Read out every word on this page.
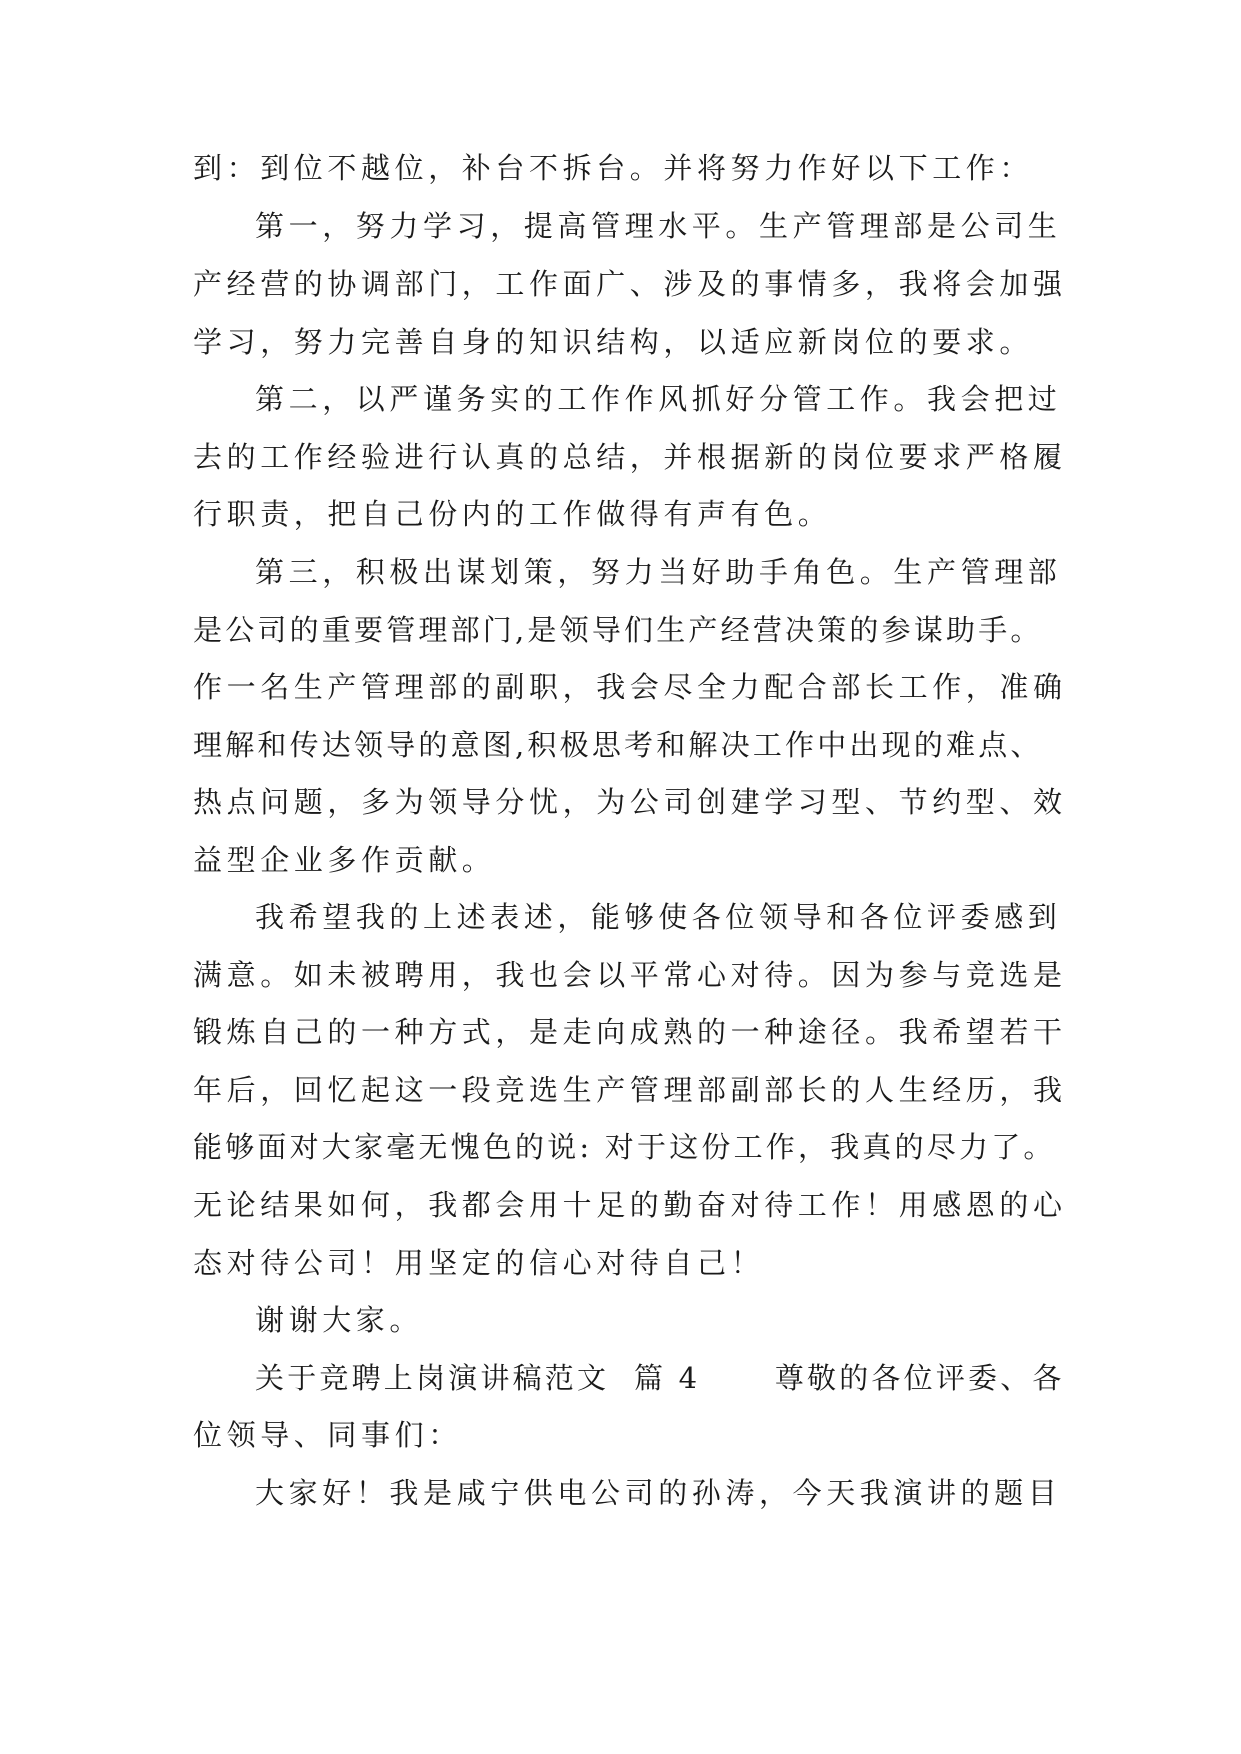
到：到位不越位，补台不拆台。并将努力作好以下工作：
第一，努力学习，提高管理水平。生产管理部是公司生
产经营的协调部门，工作面广、涉及的事情多，我将会加强
学习，努力完善自身的知识结构，以适应新岗位的要求。
第二，以严谨务实的工作作风抓好分管工作。我会把过
去的工作经验进行认真的总结，并根据新的岗位要求严格履
行职责，把自己份内的工作做得有声有色。
第三，积极出谋划策，努力当好助手角色。生产管理部
是公司的重要管理部门,是领导们生产经营决策的参谋助手。
作一名生产管理部的副职，我会尽全力配合部长工作，准确
理解和传达领导的意图,积极思考和解决工作中出现的难点、
热点问题，多为领导分忧，为公司创建学习型、节约型、效
益型企业多作贡献。
我希望我的上述表述，能够使各位领导和各位评委感到
满意。如未被聘用，我也会以平常心对待。因为参与竞选是
锻炼自己的一种方式，是走向成熟的一种途径。我希望若干
年后，回忆起这一段竞选生产管理部副部长的人生经历，我
能够面对大家毫无愧色的说: 对于这份工作，我真的尽力了。
无论结果如何，我都会用十足的勤奋对待工作！用感恩的心
态对待公司！用坚定的信心对待自己！
谢谢大家。
关于竞聘上岗演讲稿范文  篇 4      尊敬的各位评委、各
位领导、同事们：
大家好！我是咸宁供电公司的孙涛，今天我演讲的题目
